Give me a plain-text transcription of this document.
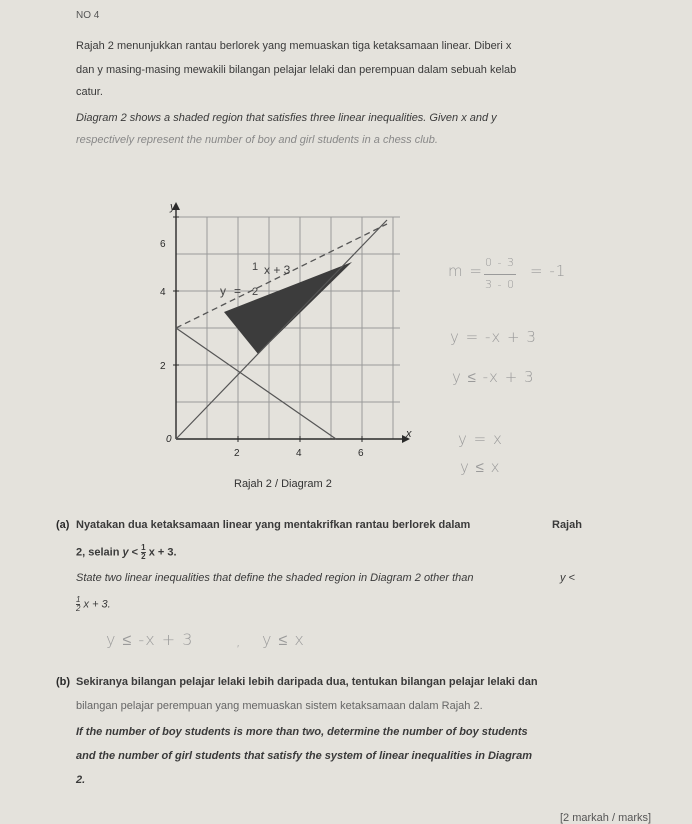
NO 4
Rajah 2 menunjukkan rantau berlorek yang memuaskan tiga ketaksamaan linear. Diberi x
dan y masing-masing mewakili bilangan pelajar lelaki dan perempuan dalam sebuah kelab
catur.
Diagram 2 shows a shaded region that satisfies three linear inequalities. Given x and y
respectively represent the number of boy and girl students in a chess club.
y
x
0
2	4	6
2
4
6
y =
1 x + 3
2
Rajah 2 / Diagram 2
m = 0 - 3
3 - 0
= -1
y = -x + 3
y ≤ -x + 3
y = x
y ≤ x
(a) Nyatakan dua ketaksamaan linear yang mentakrifkan rantau berlorek dalam	Rajah
2, selain $y < \frac{1}{2}$ x + 3.
State two linear inequalities that define the shaded region in Diagram 2 other than	y <
$\frac{1}{2}$ x + 3.
y ≤ -x + 3	, y ≤ x
(b) Sekiranya bilangan pelajar lelaki lebih daripada dua, tentukan bilangan pelajar lelaki dan
bilangan pelajar perempuan yang memuaskan sistem ketaksamaan dalam Rajah 2.
If the number of boy students is more than two, determine the number of boy students
and the number of girl students that satisfy the system of linear inequalities in Diagram
2.
[2 markah / marks]
